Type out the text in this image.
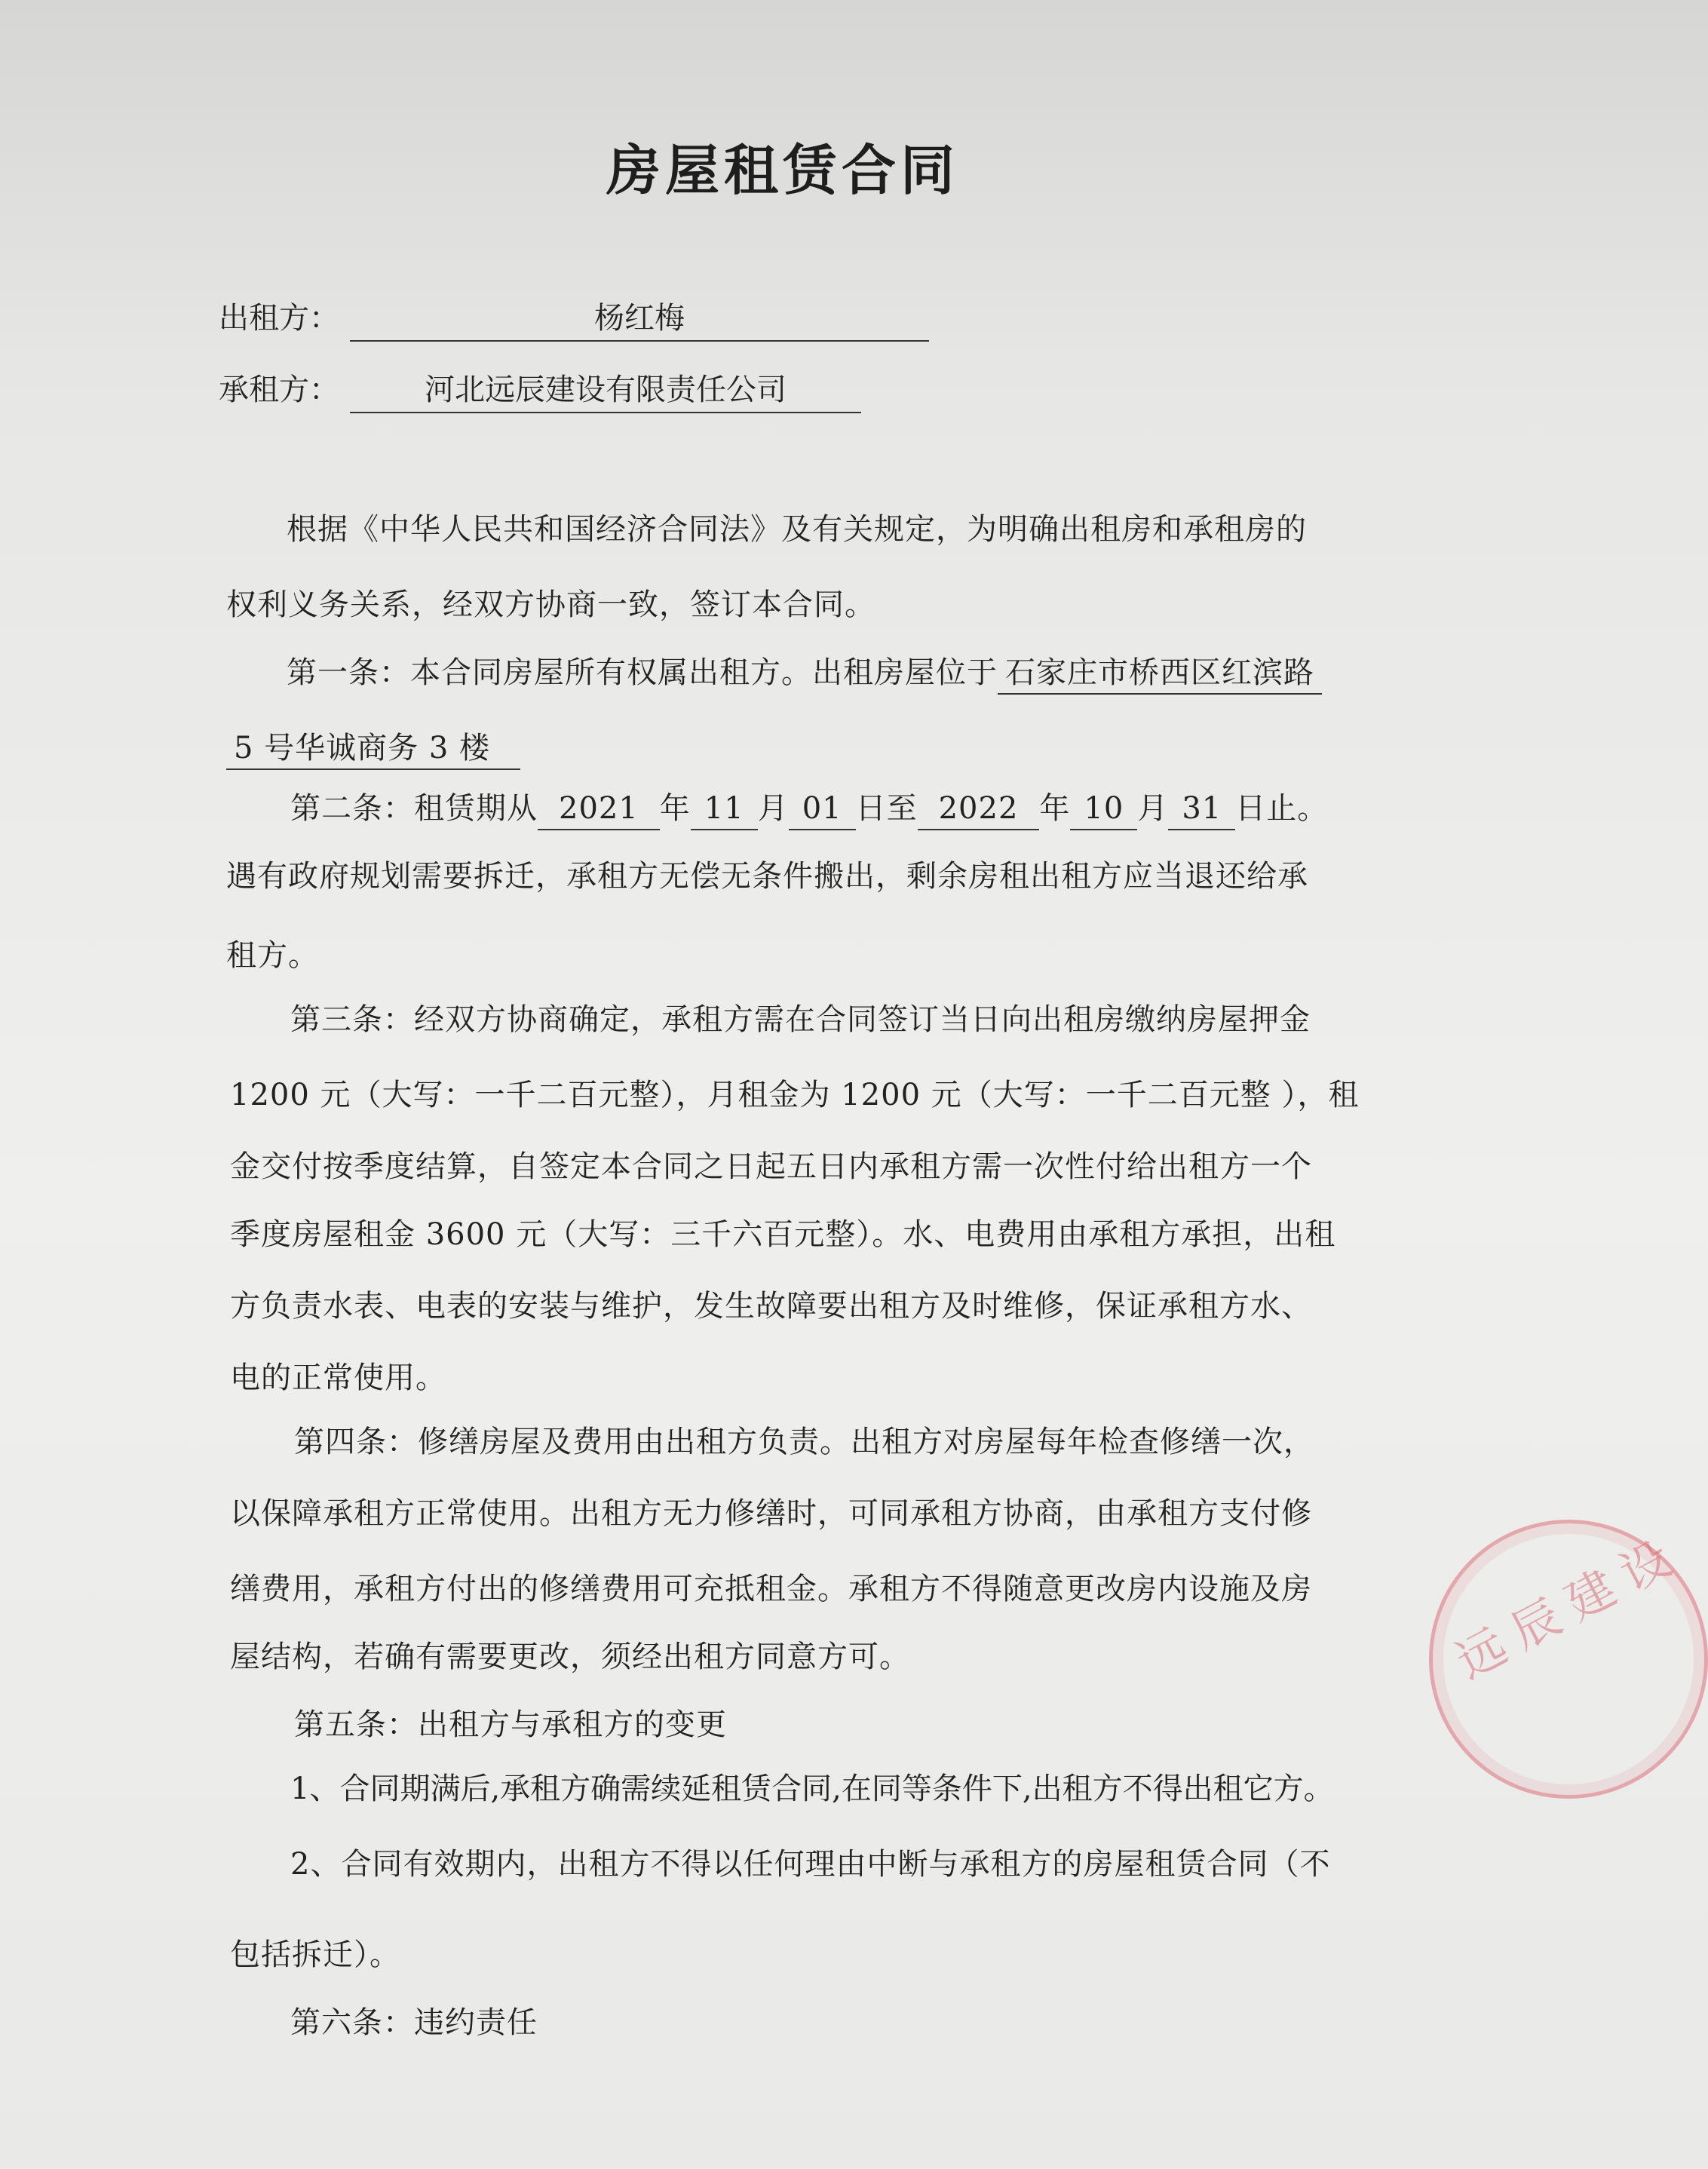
房屋租赁合同
出租方：	杨红梅
承租方：	河北远辰建设有限责任公司
根据《中华人民共和国经济合同法》及有关规定，为明确出租房和承租房的
权利义务关系，经双方协商一致，签订本合同。
第一条：本合同房屋所有权属出租方。出租房屋位于 石家庄市桥西区红滨路
5 号华诚商务 3 楼
第二条：租赁期从 2021 年 11 月 01 日至 2022 年 10 月 31 日止。
遇有政府规划需要拆迁，承租方无偿无条件搬出，剩余房租出租方应当退还给承
租方。
第三条：经双方协商确定，承租方需在合同签订当日向出租房缴纳房屋押金
1200 元（大写：一千二百元整），月租金为 1200 元（大写：一千二百元整 ），租
金交付按季度结算，自签定本合同之日起五日内承租方需一次性付给出租方一个
季度房屋租金 3600 元（大写：三千六百元整）。水、电费用由承租方承担，出租
方负责水表、电表的安装与维护，发生故障要出租方及时维修，保证承租方水、
电的正常使用。
第四条：修缮房屋及费用由出租方负责。出租方对房屋每年检查修缮一次，
以保障承租方正常使用。出租方无力修缮时，可同承租方协商，由承租方支付修
缮费用，承租方付出的修缮费用可充抵租金。承租方不得随意更改房内设施及房
屋结构，若确有需要更改，须经出租方同意方可。
第五条：出租方与承租方的变更
1、合同期满后,承租方确需续延租赁合同,在同等条件下,出租方不得出租它方。
2、合同有效期内，出租方不得以任何理由中断与承租方的房屋租赁合同（不
包括拆迁）。
第六条：违约责任
远辰建设
